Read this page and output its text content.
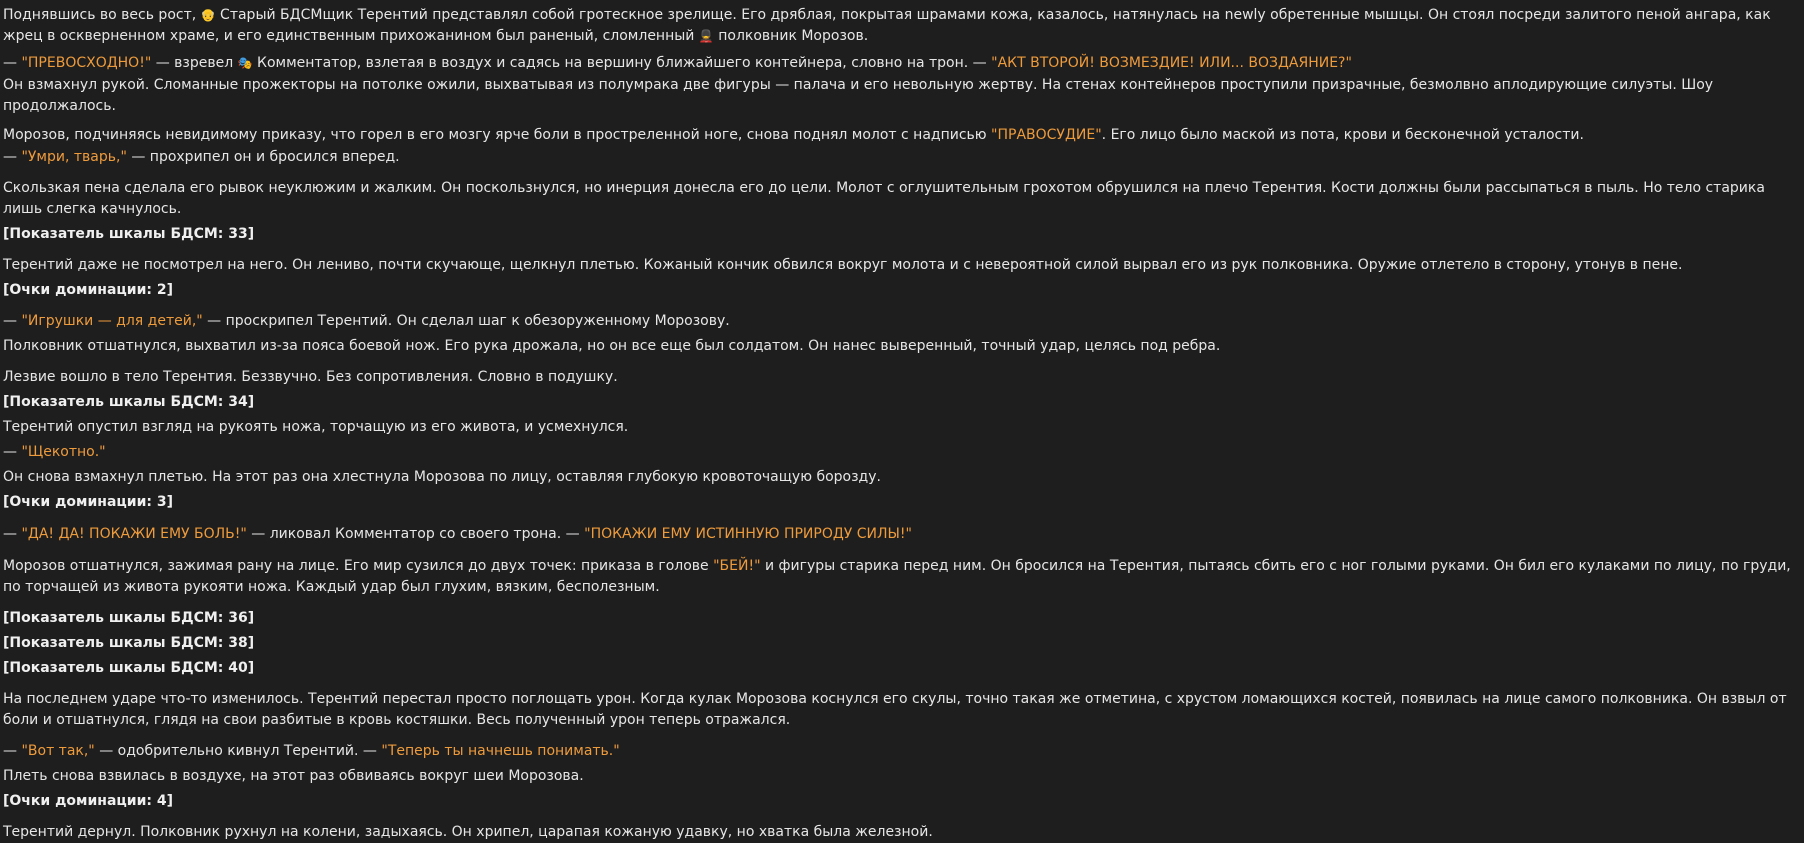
Поднявшись во весь рост, 👴 Старый БДСМщик Терентий представлял собой гротескное зрелище. Его дряблая, покрытая шрамами кожа, казалось, натянулась на newly обретенные мышцы. Он стоял посреди залитого пеной ангара, как жрец в оскверненном храме, и его единственным прихожанином был раненый, сломленный 💂 полковник Морозов.
— "ПРЕВОСХОДНО!" — взревел 🎭 Комментатор, взлетая в воздух и садясь на вершину ближайшего контейнера, словно на трон. — "АКТ ВТОРОЙ! ВОЗМЕЗДИЕ! ИЛИ... ВОЗДАЯНИЕ?"
Он взмахнул рукой. Сломанные прожекторы на потолке ожили, выхватывая из полумрака две фигуры — палача и его невольную жертву. На стенах контейнеров проступили призрачные, безмолвно аплодирующие силуэты. Шоу продолжалось.
Морозов, подчиняясь невидимому приказу, что горел в его мозгу ярче боли в простреленной ноге, снова поднял молот с надписью "ПРАВОСУДИЕ". Его лицо было маской из пота, крови и бесконечной усталости.
— "Умри, тварь," — прохрипел он и бросился вперед.
Скользкая пена сделала его рывок неуклюжим и жалким. Он поскользнулся, но инерция донесла его до цели. Молот с оглушительным грохотом обрушился на плечо Терентия. Кости должны были рассыпаться в пыль. Но тело старика лишь слегка качнулось.
[Показатель шкалы БДСМ: 33]
Терентий даже не посмотрел на него. Он лениво, почти скучающе, щелкнул плетью. Кожаный кончик обвился вокруг молота и с невероятной силой вырвал его из рук полковника. Оружие отлетело в сторону, утонув в пене.
[Очки доминации: 2]
— "Игрушки — для детей," — проскрипел Терентий. Он сделал шаг к обезоруженному Морозову.
Полковник отшатнулся, выхватил из-за пояса боевой нож. Его рука дрожала, но он все еще был солдатом. Он нанес выверенный, точный удар, целясь под ребра.
Лезвие вошло в тело Терентия. Беззвучно. Без сопротивления. Словно в подушку.
[Показатель шкалы БДСМ: 34]
Терентий опустил взгляд на рукоять ножа, торчащую из его живота, и усмехнулся.
— "Щекотно."
Он снова взмахнул плетью. На этот раз она хлестнула Морозова по лицу, оставляя глубокую кровоточащую борозду.
[Очки доминации: 3]
— "ДА! ДА! ПОКАЖИ ЕМУ БОЛЬ!" — ликовал Комментатор со своего трона. — "ПОКАЖИ ЕМУ ИСТИННУЮ ПРИРОДУ СИЛЫ!"
Морозов отшатнулся, зажимая рану на лице. Его мир сузился до двух точек: приказа в голове "БЕЙ!" и фигуры старика перед ним. Он бросился на Терентия, пытаясь сбить его с ног голыми руками. Он бил его кулаками по лицу, по груди, по торчащей из живота рукояти ножа. Каждый удар был глухим, вязким, бесполезным.
[Показатель шкалы БДСМ: 36]
[Показатель шкалы БДСМ: 38]
[Показатель шкалы БДСМ: 40]
На последнем ударе что-то изменилось. Терентий перестал просто поглощать урон. Когда кулак Морозова коснулся его скулы, точно такая же отметина, с хрустом ломающихся костей, появилась на лице самого полковника. Он взвыл от боли и отшатнулся, глядя на свои разбитые в кровь костяшки. Весь полученный урон теперь отражался.
— "Вот так," — одобрительно кивнул Терентий. — "Теперь ты начнешь понимать."
Плеть снова взвилась в воздухе, на этот раз обвиваясь вокруг шеи Морозова.
[Очки доминации: 4]
Терентий дернул. Полковник рухнул на колени, задыхаясь. Он хрипел, царапая кожаную удавку, но хватка была железной.
